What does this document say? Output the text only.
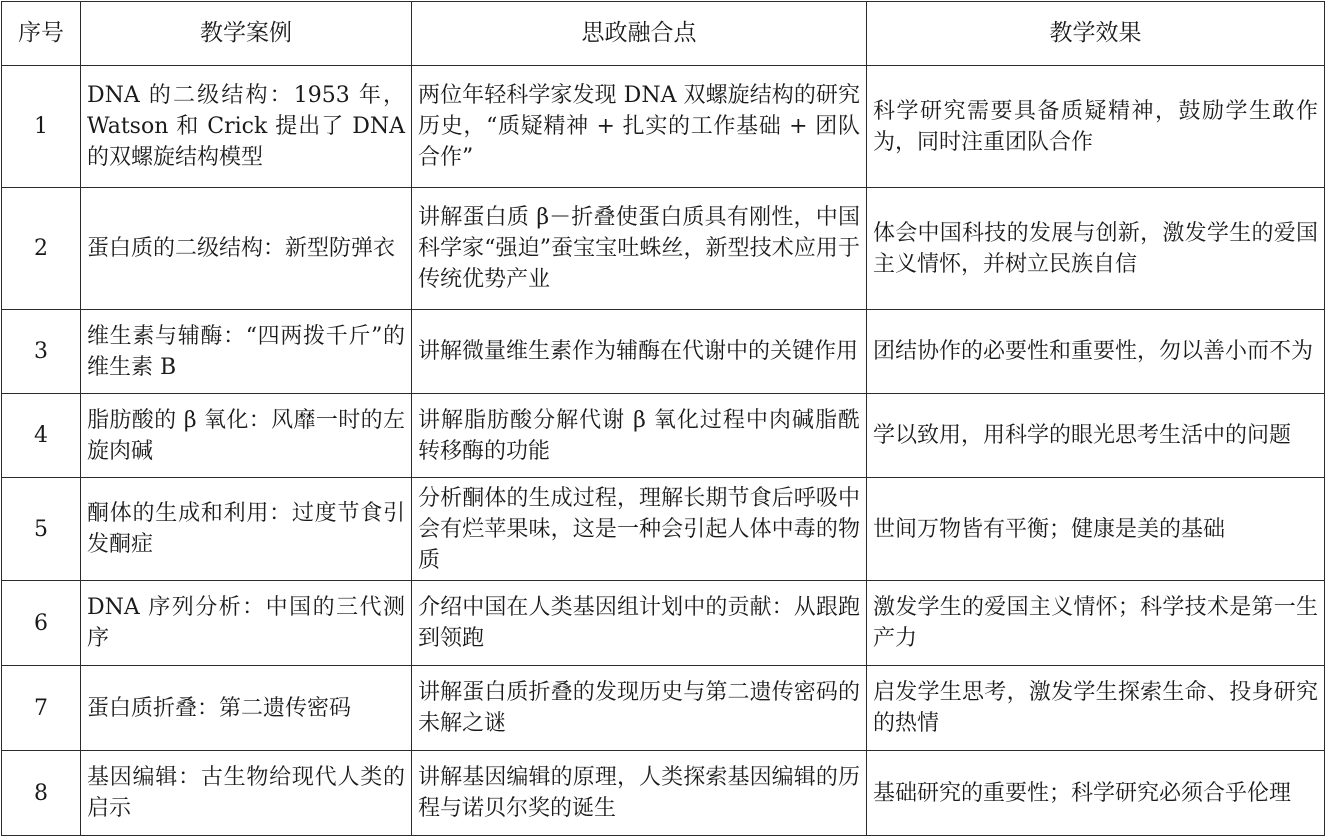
序号	教学案例	思政融合点	教学效果
1	DNA 的二级结构：1953 年，Watson 和 Crick 提出了 DNA 的双螺旋结构模型	两位年轻科学家发现 DNA 双螺旋结构的研究历史，“质疑精神 + 扎实的工作基础 + 团队合作”	科学研究需要具备质疑精神，鼓励学生敢作为，同时注重团队合作
2	蛋白质的二级结构：新型防弹衣	讲解蛋白质 β－折叠使蛋白质具有刚性，中国科学家“强迫”蚕宝宝吐蛛丝，新型技术应用于传统优势产业	体会中国科技的发展与创新，激发学生的爱国主义情怀，并树立民族自信
3	维生素与辅酶：“四两拨千斤”的维生素 B	讲解微量维生素作为辅酶在代谢中的关键作用	团结协作的必要性和重要性，勿以善小而不为
4	脂肪酸的 β 氧化：风靡一时的左旋肉碱	讲解脂肪酸分解代谢 β 氧化过程中肉碱脂酰转移酶的功能	学以致用，用科学的眼光思考生活中的问题
5	酮体的生成和利用：过度节食引发酮症	分析酮体的生成过程，理解长期节食后呼吸中会有烂苹果味，这是一种会引起人体中毒的物质	世间万物皆有平衡；健康是美的基础
6	DNA 序列分析：中国的三代测序	介绍中国在人类基因组计划中的贡献：从跟跑到领跑	激发学生的爱国主义情怀；科学技术是第一生产力
7	蛋白质折叠：第二遗传密码	讲解蛋白质折叠的发现历史与第二遗传密码的未解之谜	启发学生思考，激发学生探索生命、投身研究的热情
8	基因编辑：古生物给现代人类的启示	讲解基因编辑的原理，人类探索基因编辑的历程与诺贝尔奖的诞生	基础研究的重要性；科学研究必须合乎伦理
